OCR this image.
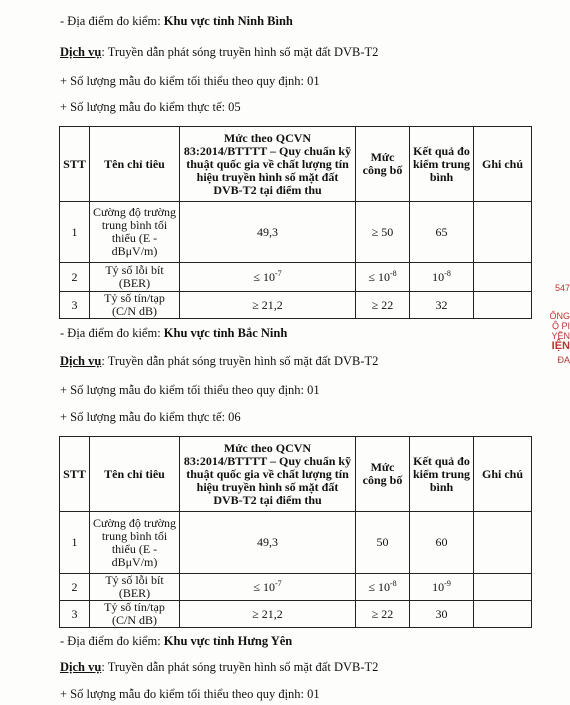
- Địa điểm đo kiểm: Khu vực tỉnh Ninh Bình
Dịch vụ: Truyền dẫn phát sóng truyền hình số mặt đất DVB-T2
+ Số lượng mẫu đo kiểm tối thiểu theo quy định: 01
+ Số lượng mẫu đo kiểm thực tế: 05
STT	Tên chỉ tiêu	Mức theo QCVN 83:2014/BTTTT – Quy chuẩn kỹ thuật quốc gia về chất lượng tín hiệu truyền hình số mặt đất DVB-T2 tại điểm thu	Mức công bố	Kết quả đo kiểm trung bình	Ghi chú
1	Cường độ trường trung bình tối thiểu (E - dBμV/m)	49,3	≥ 50	65	
2	Tỷ số lỗi bít (BER)	≤ $10^{-7}$	≤ $10^{-8}$	$10^{-8}$	
3	Tỷ số tín/tạp (C/N dB)	≥ 21,2	≥ 22	32	
- Địa điểm đo kiểm: Khu vực tỉnh Bắc Ninh
Dịch vụ: Truyền dẫn phát sóng truyền hình số mặt đất DVB-T2
+ Số lượng mẫu đo kiểm tối thiểu theo quy định: 01
+ Số lượng mẫu đo kiểm thực tế: 06
STT	Tên chỉ tiêu	Mức theo QCVN 83:2014/BTTTT – Quy chuẩn kỹ thuật quốc gia về chất lượng tín hiệu truyền hình số mặt đất DVB-T2 tại điểm thu	Mức công bố	Kết quả đo kiểm trung bình	Ghi chú
1	Cường độ trường trung bình tối thiểu (E - dBμV/m)	49,3	50	60	
2	Tỷ số lỗi bít (BER)	≤ $10^{-7}$	≤ $10^{-8}$	$10^{-9}$	
3	Tỷ số tín/tạp (C/N dB)	≥ 21,2	≥ 22	30	
- Địa điểm đo kiểm: Khu vực tỉnh Hưng Yên
Dịch vụ: Truyền dẫn phát sóng truyền hình số mặt đất DVB-T2
+ Số lượng mẫu đo kiểm tối thiểu theo quy định: 01
547
ỔNG
Ộ PI
YỀN
IỆN
ĐA
